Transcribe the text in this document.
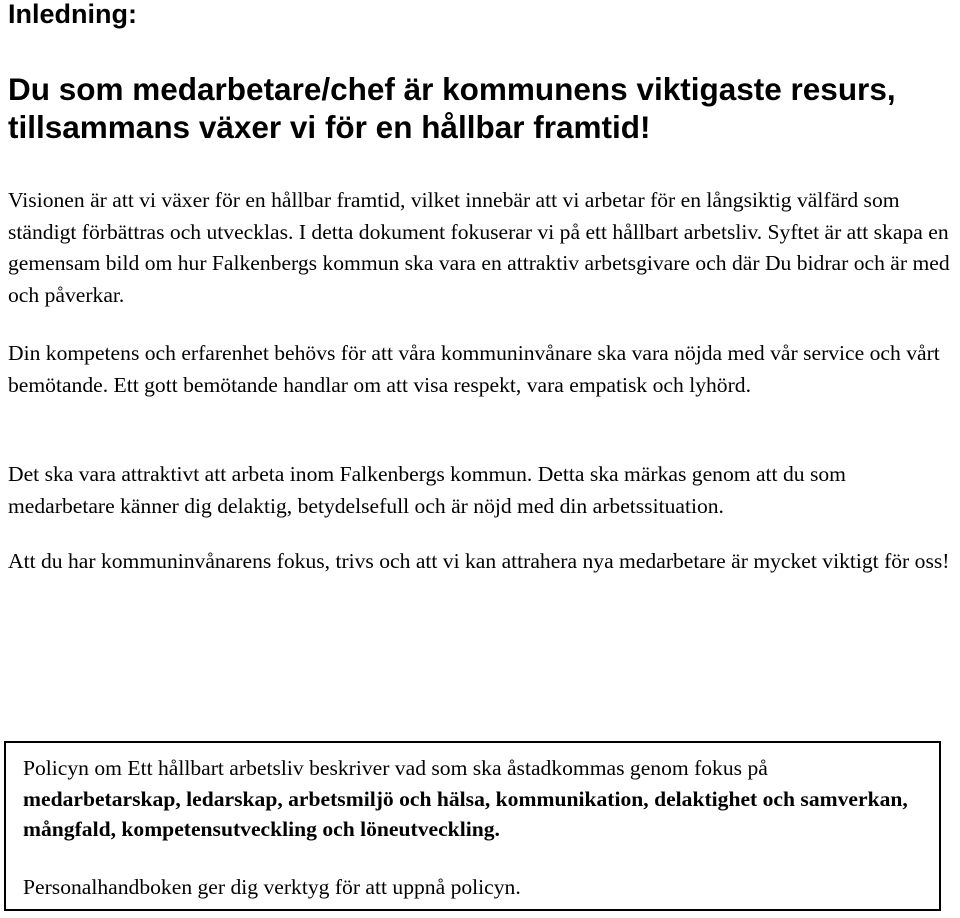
Inledning:
Du som medarbetare/chef är kommunens viktigaste resurs, tillsammans växer vi för en hållbar framtid!

Visionen är att vi växer för en hållbar framtid, vilket innebär att vi arbetar för en långsiktig välfärd som ständigt förbättras och utvecklas. I detta dokument fokuserar vi på ett hållbart arbetsliv. Syftet är att skapa en gemensam bild om hur Falkenbergs kommun ska vara en attraktiv arbetsgivare och där Du bidrar och är med och påverkar.

Din kompetens och erfarenhet behövs för att våra kommuninvånare ska vara nöjda med vår service och vårt bemötande. Ett gott bemötande handlar om att visa respekt, vara empatisk och lyhörd.

Det ska vara attraktivt att arbeta inom Falkenbergs kommun. Detta ska märkas genom att du som medarbetare känner dig delaktig, betydelsefull och är nöjd med din arbetssituation.

Att du har kommuninvånarens fokus, trivs och att vi kan attrahera nya medarbetare är mycket viktigt för oss!

Policyn om Ett hållbart arbetsliv beskriver vad som ska åstadkommas genom fokus på medarbetarskap, ledarskap, arbetsmiljö och hälsa, kommunikation, delaktighet och samverkan, mångfald, kompetensutveckling och löneutveckling.

Personalhandboken ger dig verktyg för att uppnå policyn.
